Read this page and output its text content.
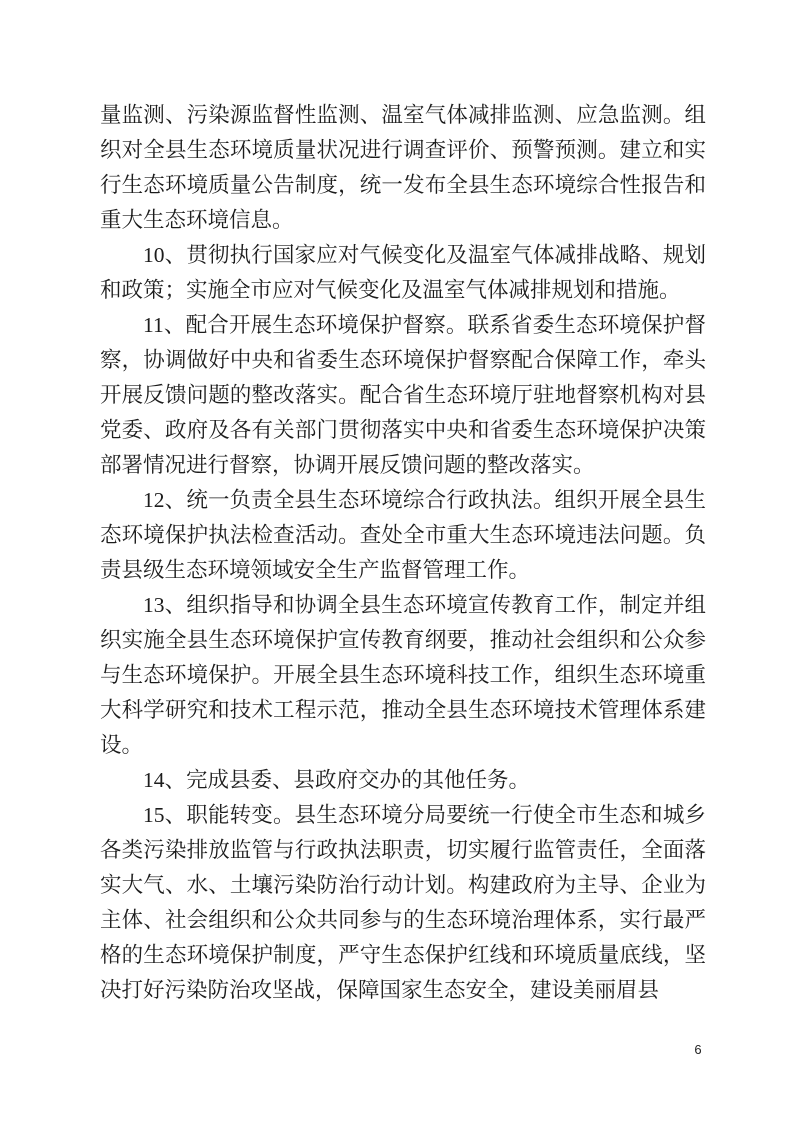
量监测、污染源监督性监测、温室气体减排监测、应急监测。组织对全县生态环境质量状况进行调查评价、预警预测。建立和实行生态环境质量公告制度，统一发布全县生态环境综合性报告和重大生态环境信息。

10、贯彻执行国家应对气候变化及温室气体减排战略、规划和政策；实施全市应对气候变化及温室气体减排规划和措施。

11、配合开展生态环境保护督察。联系省委生态环境保护督察，协调做好中央和省委生态环境保护督察配合保障工作，牵头开展反馈问题的整改落实。配合省生态环境厅驻地督察机构对县党委、政府及各有关部门贯彻落实中央和省委生态环境保护决策部署情况进行督察，协调开展反馈问题的整改落实。

12、统一负责全县生态环境综合行政执法。组织开展全县生态环境保护执法检查活动。查处全市重大生态环境违法问题。负责县级生态环境领域安全生产监督管理工作。

13、组织指导和协调全县生态环境宣传教育工作，制定并组织实施全县生态环境保护宣传教育纲要，推动社会组织和公众参与生态环境保护。开展全县生态环境科技工作，组织生态环境重大科学研究和技术工程示范，推动全县生态环境技术管理体系建设。

14、完成县委、县政府交办的其他任务。

15、职能转变。县生态环境分局要统一行使全市生态和城乡各类污染排放监管与行政执法职责，切实履行监管责任，全面落实大气、水、土壤污染防治行动计划。构建政府为主导、企业为主体、社会组织和公众共同参与的生态环境治理体系，实行最严格的生态环境保护制度，严守生态保护红线和环境质量底线，坚决打好污染防治攻坚战，保障国家生态安全，建设美丽眉县

6
